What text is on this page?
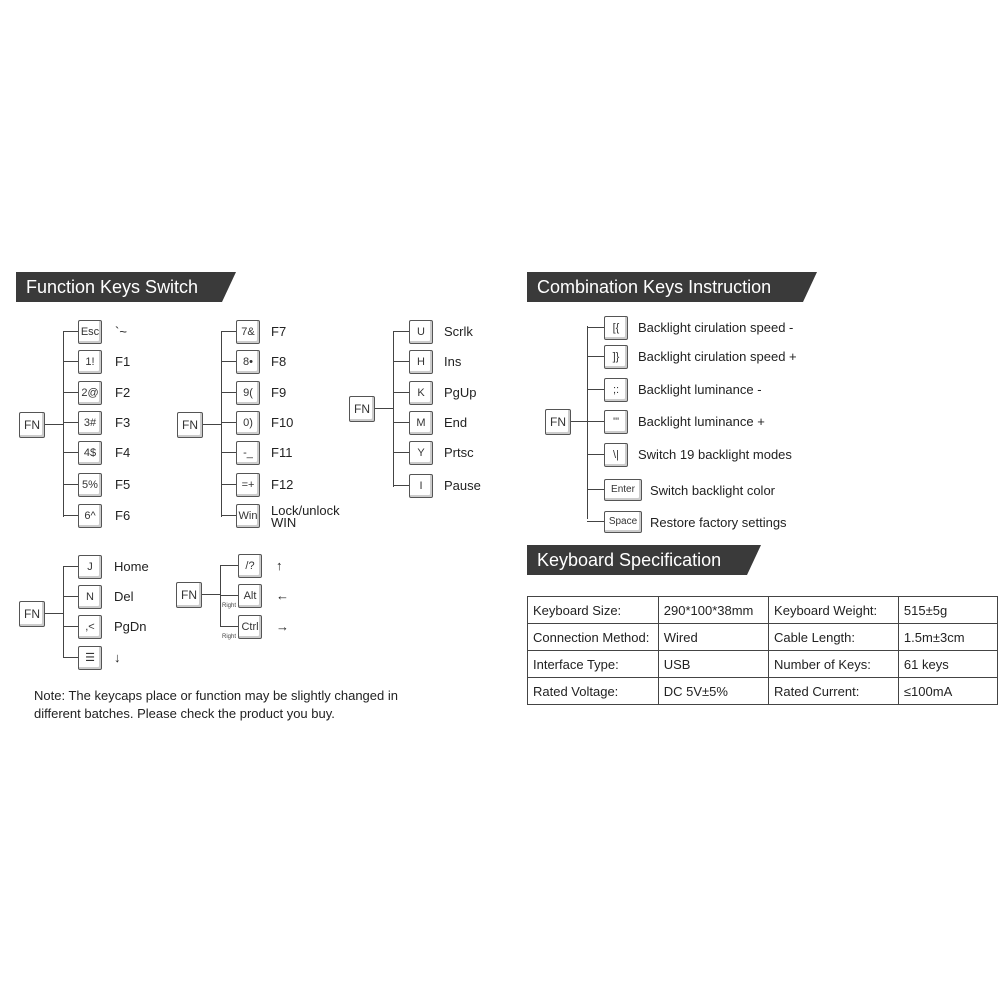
Function Keys Switch	Combination Keys Instruction
Keyboard Specification
FN	FN
FN
FN
FN
FN
Note: The keycaps place or function may be slightly changed in different batches. Please check the product you buy.
Keyboard Size:	290*100*38mm	Keyboard Weight:	515±5g
Connection Method:	Wired	Cable Length:	1.5m±3cm
Interface Type:	USB	Number of Keys:	61 keys
Rated Voltage:	DC 5V±5%	Rated Current:	≤100mA
Esc `~
1!	F1
2@ F2
3#	F3
4$	F4
5%	F5
6^	F6
7&	F7
8•	F8
9(	F9
0)	F10
-_	F11
=+	F12
Win Lock/unlock WIN
U	Scrlk
H	Ins
K	PgUp
M	End
Y	Prtsc
I	Pause
J	Home
N	Del
,<	PgDn
☰	↓
/?	↑
Alt	←
Right
Ctrl →
Right
[{	Backlight cirulation speed -
]}	Backlight cirulation speed +
;:	Backlight luminance -
'"	Backlight luminance +
\|	Switch 19 backlight modes
Enter	Switch backlight color
Space Restore factory settings
